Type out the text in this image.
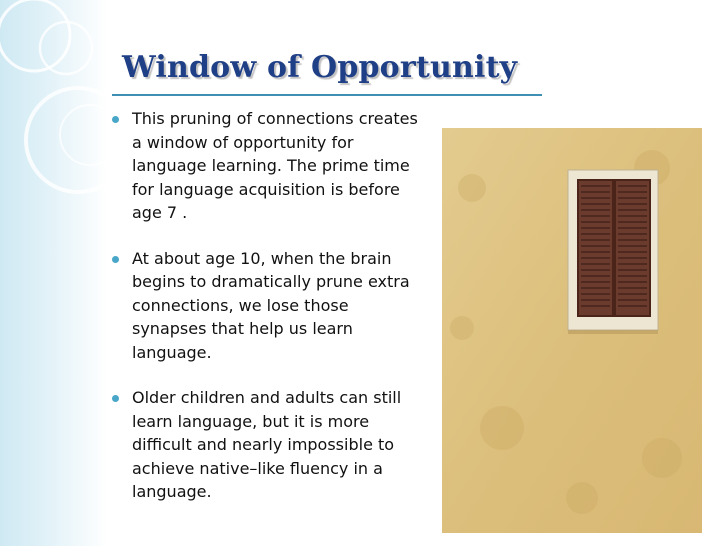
Window of Opportunity
This pruning of connections creates a window of opportunity for language learning. The prime time for language acquisition is before age 7 .
At about age 10, when the brain begins to dramatically prune extra connections, we lose those synapses that help us learn language.
Older children and adults can still learn language, but it is more difficult and nearly impossible to achieve native–like fluency in a language.
